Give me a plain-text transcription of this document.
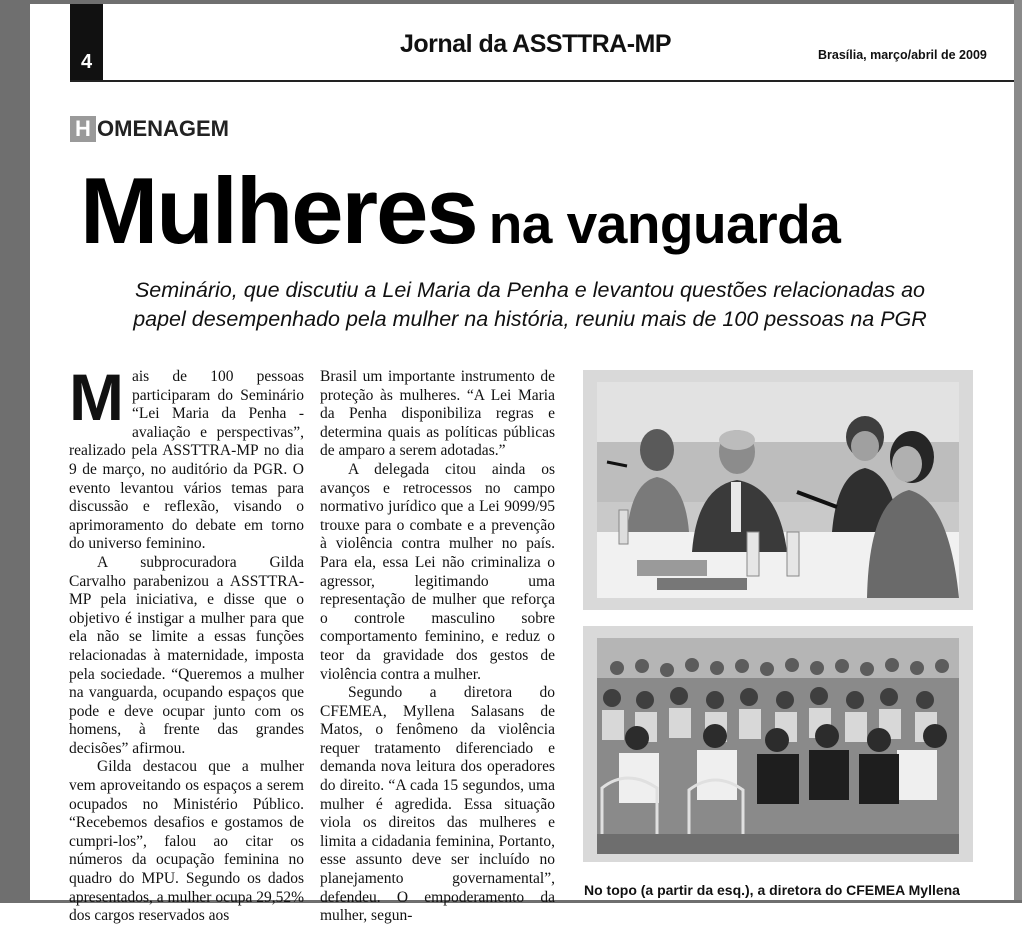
4
Jornal da ASSTTRA-MP	Brasília, março/abril de 2009
H OMENAGEM
Mulheres na vanguarda
Seminário, que discutiu a Lei Maria da Penha e levantou questões relacionadas ao
papel desempenhado pela mulher na história, reuniu mais de 100 pessoas na PGR
M ais de 100 pessoas participaram do Seminário “Lei Maria da Penha - avaliação e perspectivas”, realizado pela ASSTTRA-MP no dia 9 de março, no auditório da PGR. O evento levantou vários temas para discussão e reflexão, visando o aprimoramento do debate em torno do universo feminino.

A subprocuradora Gilda Carvalho parabenizou a ASSTTRA-MP pela iniciativa, e disse que o objetivo é instigar a mulher para que ela não se limite a essas funções relacionadas à maternidade, imposta pela sociedade. “Queremos a mulher na vanguarda, ocupando espaços que pode e deve ocupar junto com os homens, à frente das grandes decisões” afirmou.

Gilda destacou que a mulher vem aproveitando os espaços a serem ocupados no Ministério Público. “Recebemos desafios e gostamos de cumpri-los”, falou ao citar os números da ocupação feminina no quadro do MPU. Segundo os dados apresentados, a mulher ocupa 29,52% dos cargos reservados aos

Brasil um importante instrumento de proteção às mulheres. “A Lei Maria da Penha disponibiliza regras e determina quais as políticas públicas de amparo a serem adotadas.”

A delegada citou ainda os avanços e retrocessos no campo normativo jurídico que a Lei 9099/95 trouxe para o combate e a prevenção à violência contra mulher no país. Para ela, essa Lei não criminaliza o agressor, legitimando uma representação de mulher que reforça o controle masculino sobre comportamento feminino, e reduz o teor da gravidade dos gestos de violência contra a mulher.

Segundo a diretora do CFEMEA, Myllena Salasans de Matos, o fenômeno da violência requer tratamento diferenciado e demanda nova leitura dos operadores do direito. “A cada 15 segundos, uma mulher é agredida. Essa situação viola os direitos das mulheres e limita a cidadania feminina, Portanto, esse assunto deve ser incluído no planejamento governamental”, defendeu. O empoderamento da mulher, segun-

No topo (a partir da esq.), a diretora do CFEMEA Myllena
